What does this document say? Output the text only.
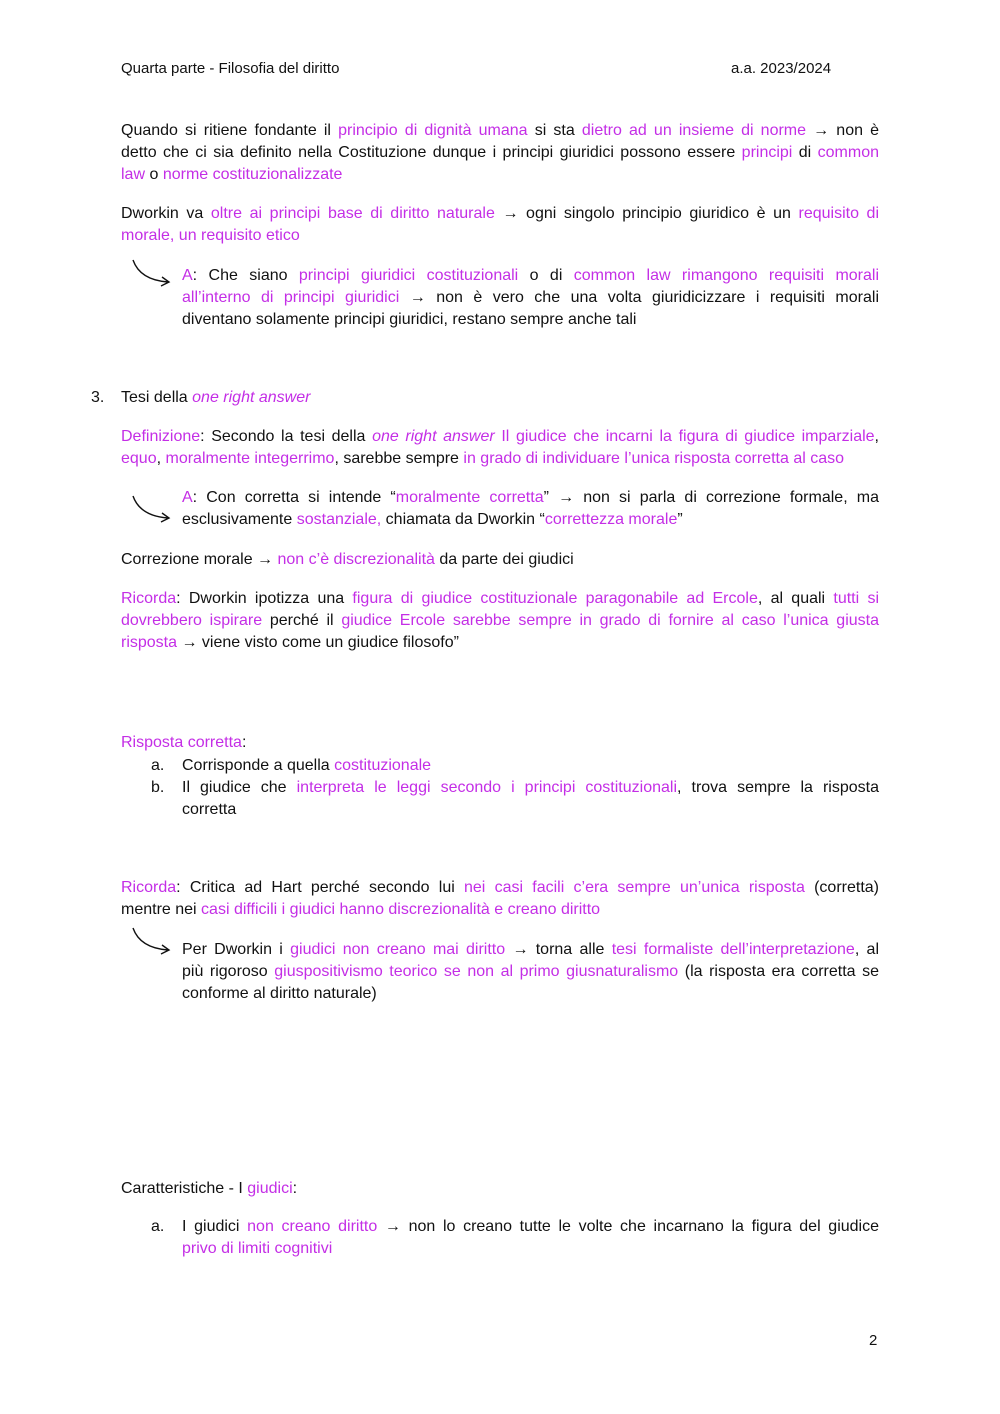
Quarta parte - Filosofia del diritto	a.a. 2023/2024
Quando si ritiene fondante il principio di dignità umana si sta dietro ad un insieme di norme → non è
detto che ci sia definito nella Costituzione dunque i principi giuridici possono essere principi di common
law o norme costituzionalizzate
Dworkin va oltre ai principi base di diritto naturale → ogni singolo principio giuridico è un requisito di
morale, un requisito etico
A: Che siano principi giuridici costituzionali o di common law rimangono requisiti morali
all’interno di principi giuridici → non è vero che una volta giuridicizzare i requisiti morali
diventano solamente principi giuridici, restano sempre anche tali
3.	Tesi della one right answer
Definizione: Secondo la tesi della one right answer Il giudice che incarni la figura di giudice imparziale,
equo, moralmente integerrimo, sarebbe sempre in grado di individuare l’unica risposta corretta al caso
A: Con corretta si intende “moralmente corretta” → non si parla di correzione formale, ma
esclusivamente sostanziale, chiamata da Dworkin “correttezza morale”
Correzione morale → non c’è discrezionalità da parte dei giudici
Ricorda: Dworkin ipotizza una figura di giudice costituzionale paragonabile ad Ercole, al quali tutti si
dovrebbero ispirare perché il giudice Ercole sarebbe sempre in grado di fornire al caso l’unica giusta
risposta → viene visto come un giudice filosofo”
Risposta corretta:
a.	Corrisponde a quella costituzionale
b.	Il giudice che interpreta le leggi secondo i principi costituzionali, trova sempre la risposta
corretta
Ricorda: Critica ad Hart perché secondo lui nei casi facili c’era sempre un’unica risposta (corretta)
mentre nei casi difficili i giudici hanno discrezionalità e creano diritto
Per Dworkin i giudici non creano mai diritto → torna alle tesi formaliste dell’interpretazione, al
più rigoroso giuspositivismo teorico se non al primo giusnaturalismo (la risposta era corretta se
conforme al diritto naturale)
Caratteristiche - I giudici:
a.	I giudici non creano diritto → non lo creano tutte le volte che incarnano la figura del giudice
privo di limiti cognitivi
2
